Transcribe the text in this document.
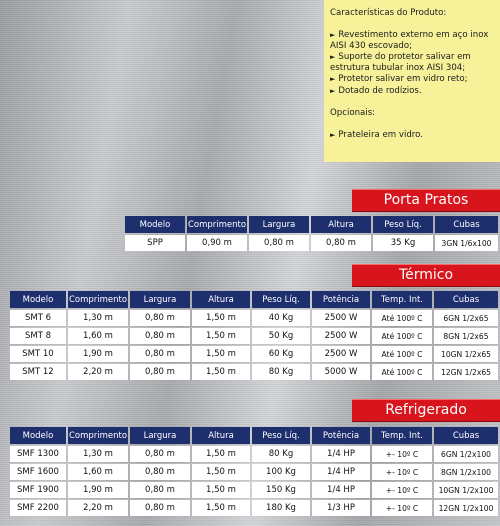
Características do Produto:
► Revestimento externo em aço inox
AISI 430 escovado;
► Suporte do protetor salivar em
estrutura tubular inox AISI 304;
► Protetor salivar em vidro reto;
► Dotado de rodízios.
Opcionais:
► Prateleira em vidro.
Porta Pratos
Modelo	Comprimento	Largura	Altura	Peso Líq.	Cubas
SPP	0,90 m	0,80 m	0,80 m	35 Kg	3GN 1/6x100
Térmico
Modelo	Comprimento	Largura	Altura	Peso Líq.	Potência	Temp. Int.	Cubas
SMT 6	1,30 m	0,80 m	1,50 m	40 Kg	2500 W	Até 100º C	6GN 1/2x65
SMT 8	1,60 m	0,80 m	1,50 m	50 Kg	2500 W	Até 100º C	8GN 1/2x65
SMT 10	1,90 m	0,80 m	1,50 m	60 Kg	2500 W	Até 100º C	10GN 1/2x65
SMT 12	2,20 m	0,80 m	1,50 m	80 Kg	5000 W	Até 100º C	12GN 1/2x65
Refrigerado
Modelo	Comprimento	Largura	Altura	Peso Líq.	Potência	Temp. Int.	Cubas
SMF 1300	1,30 m	0,80 m	1,50 m	80 Kg	1/4 HP	+- 10º C	6GN 1/2x100
SMF 1600	1,60 m	0,80 m	1,50 m	100 Kg	1/4 HP	+- 10º C	8GN 1/2x100
SMF 1900	1,90 m	0,80 m	1,50 m	150 Kg	1/4 HP	+- 10º C	10GN 1/2x100
SMF 2200	2,20 m	0,80 m	1,50 m	180 Kg	1/3 HP	+- 10º C	12GN 1/2x100
